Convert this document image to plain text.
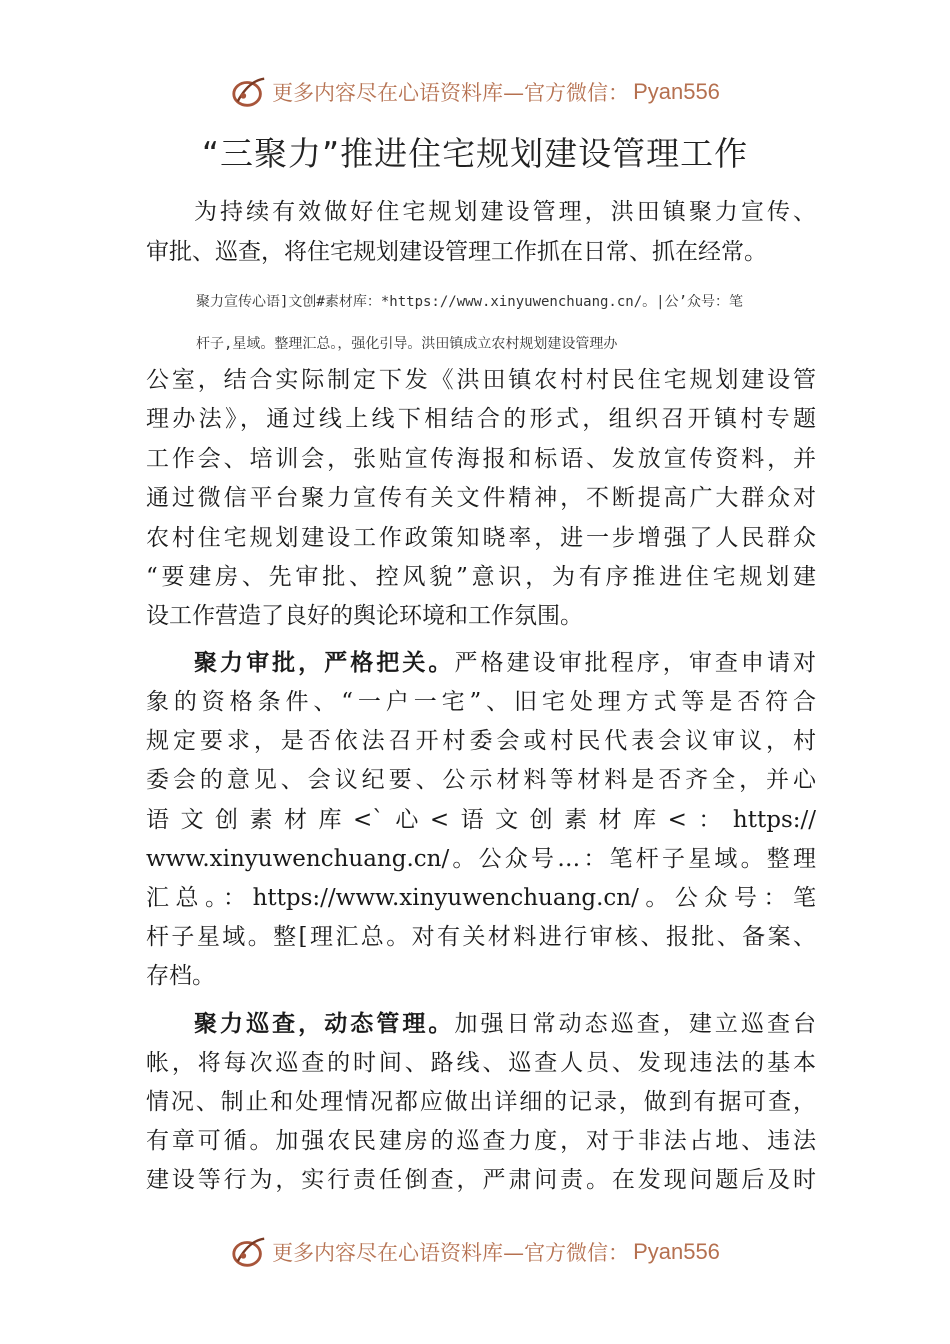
更多内容尽在心语资料库 —官方微信： Pyan556
“三聚力”推进住宅规划建设管理工作
为持续有效做好住宅规划建设管理，洪田镇聚力宣传、
审批、巡查，将住宅规划建设管理工作抓在日常、抓在经常。
聚力宣传心语]文创#素材库：*https://www.xinyuwenchuang.cn/。|公’众号：笔
杆子,星域。整理汇总。，强化引导。洪田镇成立农村规划建设管理办
公室，结合实际制定下发《洪田镇农村村民住宅规划建设管
理办法》，通过线上线下相结合的形式，组织召开镇村专题
工作会、培训会，张贴宣传海报和标语、发放宣传资料，并
通过微信平台聚力宣传有关文件精神，不断提高广大群众对
农村住宅规划建设工作政策知晓率，进一步增强了人民群众
“要建房、先审批、控风貌”意识，为有序推进住宅规划建
设工作营造了良好的舆论环境和工作氛围。
聚力审批，严格把关。严格建设审批程序，审查申请对
象的资格条件、“一户一宅”、旧宅处理方式等是否符合
规定要求，是否依法召开村委会或村民代表会议审议，村
委会的意见、会议纪要、公示材料等材料是否齐全，并心
语文创素材库<`心<语文创素材库<：https://
www.xinyuwenchuang.cn/。公众号…：笔杆子星域。整理
汇总。：https://www.xinyuwenchuang.cn/。公众号：笔
杆子星域。整[理汇总。对有关材料进行审核、报批、备案、
存档。
聚力巡查，动态管理。加强日常动态巡查，建立巡查台
帐，将每次巡查的时间、路线、巡查人员、发现违法的基本
情况、制止和处理情况都应做出详细的记录，做到有据可查，
有章可循。加强农民建房的巡查力度，对于非法占地、违法
建设等行为，实行责任倒查，严肃问责。在发现问题后及时
更多内容尽在心语资料库 —官方微信： Pyan556
